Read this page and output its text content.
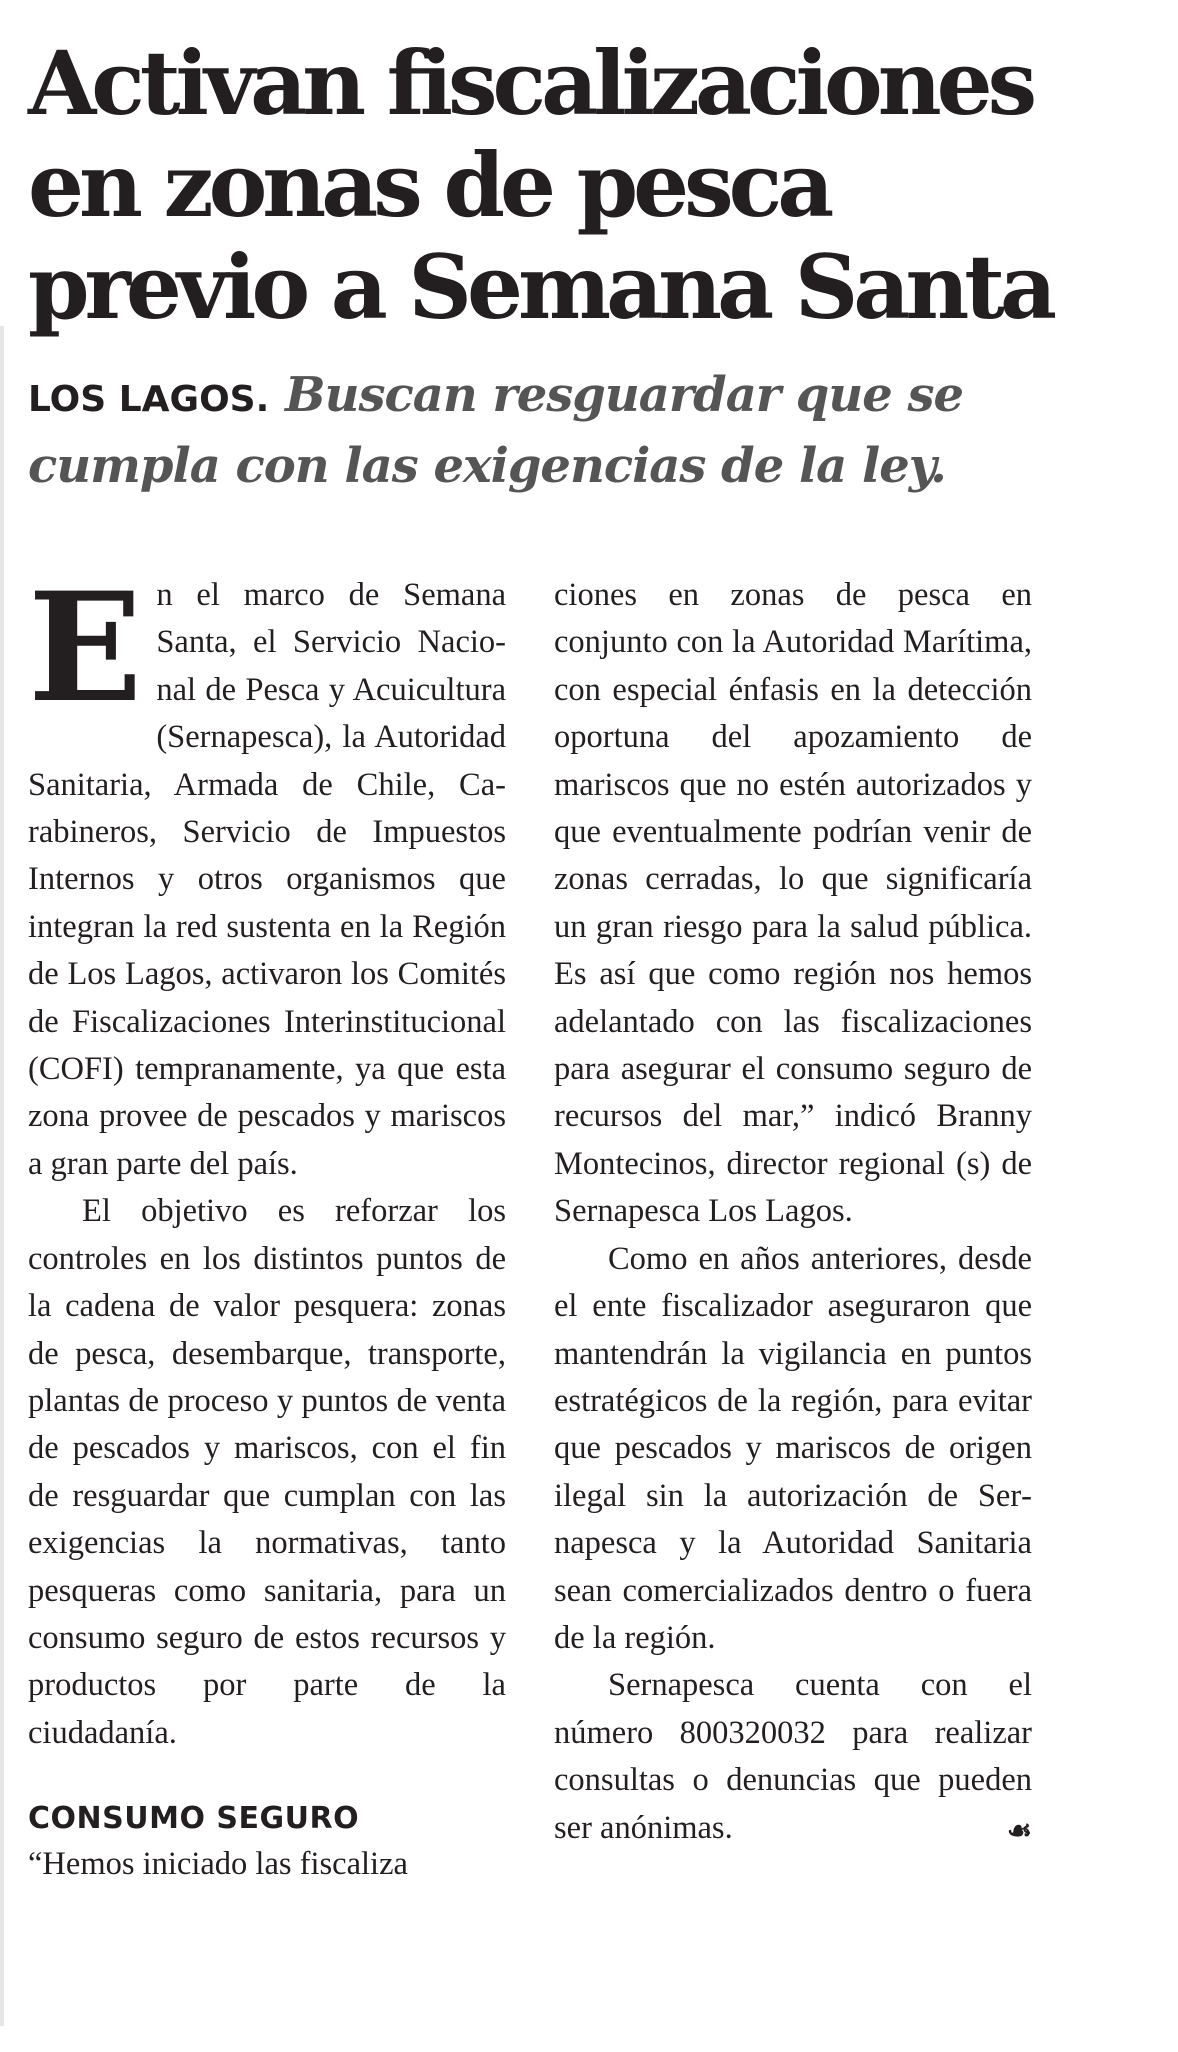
Activan fiscalizaciones
en zonas de pesca
previo a Semana Santa

LOS LAGOS. Buscan resguardar que se cumpla con las exigencias de la ley.

En el marco de Semana Santa, el Servicio Nacional de Pesca y Acuicultura (Sernapesca), la Autoridad Sanitaria, Armada de Chile, Carabineros, Servicio de Impuestos Internos y otros organismos que integran la red sustenta en la Región de Los Lagos, activaron los Comités de Fiscalizaciones Interinstitucional (COFI) tempranamente, ya que esta zona provee de pescados y mariscos a gran parte del país.

El objetivo es reforzar los controles en los distintos puntos de la cadena de valor pesquera: zonas de pesca, desembarque, transporte, plantas de proceso y puntos de venta de pescados y mariscos, con el fin de resguardar que cumplan con las exigencias la normativas, tanto pesqueras como sanitaria, para un consumo seguro de estos recursos y productos por parte de la ciudadanía.

CONSUMO SEGURO

“Hemos iniciado las fiscaliza

ciones en zonas de pesca en conjunto con la Autoridad Marítima, con especial énfasis en la detección oportuna del apozamiento de mariscos que no estén autorizados y que eventualmente podrían venir de zonas cerradas, lo que significaría un gran riesgo para la salud pública. Es así que como región nos hemos adelantado con las fiscalizaciones para asegurar el consumo seguro de recursos del mar,” indicó Branny Montecinos, director regional (s) de Sernapesca Los Lagos.

Como en años anteriores, desde el ente fiscalizador aseguraron que mantendrán la vigilancia en puntos estratégicos de la región, para evitar que pescados y mariscos de origen ilegal sin la autorización de Sernapesca y la Autoridad Sanitaria sean comercializados dentro o fuera de la región.

Sernapesca cuenta con el número 800320032 para realizar consultas o denuncias que pueden ser anónimas.	☙
